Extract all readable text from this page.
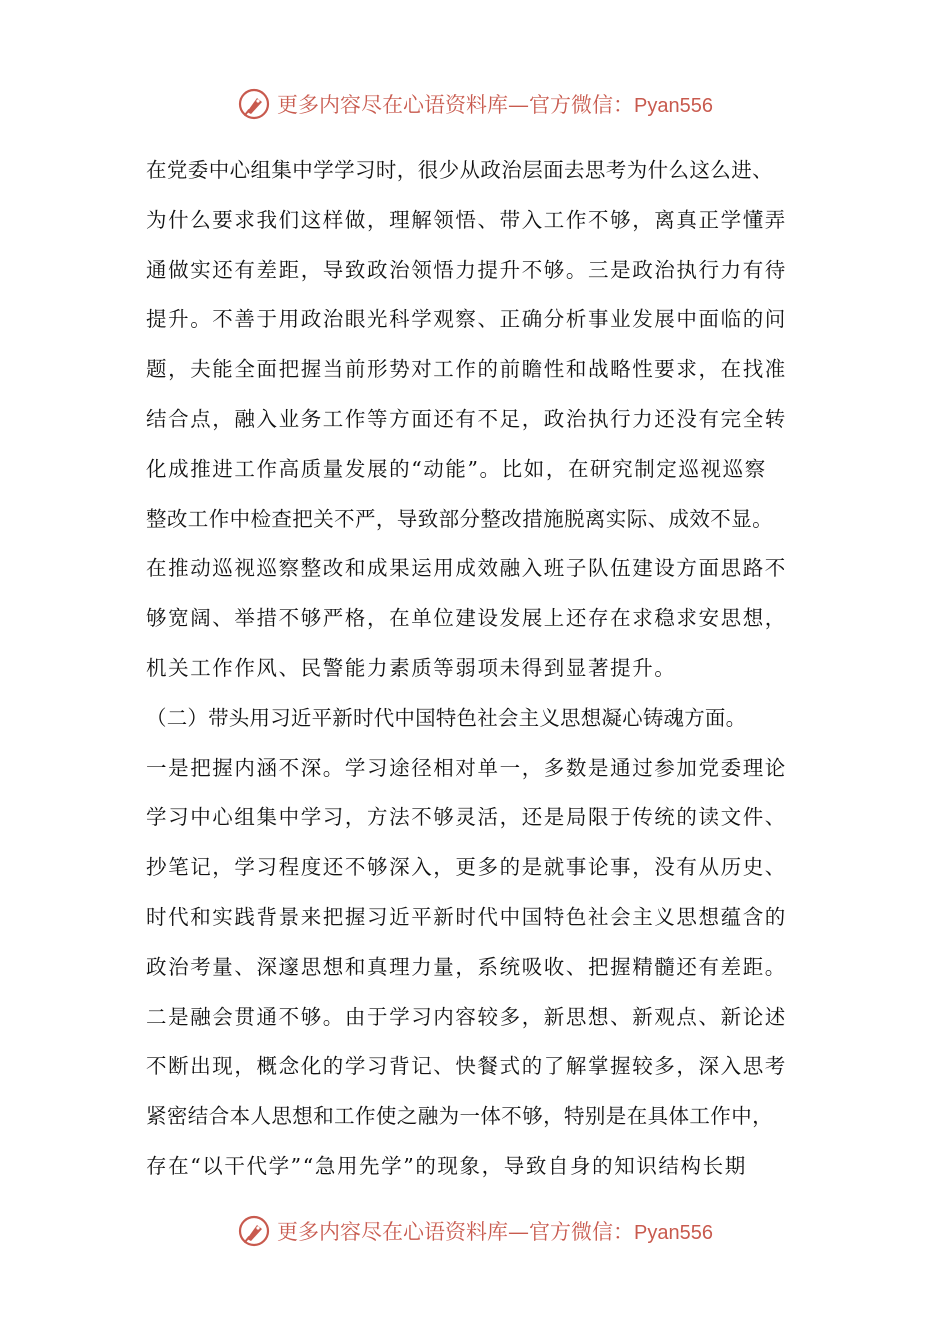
更多内容尽在心语资料库—官方微信：Pyan556
在党委中心组集中学学习时，很少从政治层面去思考为什么这么进、
为什么要求我们这样做，理解领悟、带入工作不够，离真正学懂弄
通做实还有差距，导致政治领悟力提升不够。三是政治执行力有待
提升。不善于用政治眼光科学观察、正确分析事业发展中面临的问
题，夫能全面把握当前形势对工作的前瞻性和战略性要求，在找准
结合点，融入业务工作等方面还有不足，政治执行力还没有完全转
化成推进工作高质量发展的“动能”。比如，在研究制定巡视巡察
整改工作中检查把关不严，导致部分整改措施脱离实际、成效不显。
在推动巡视巡察整改和成果运用成效融入班子队伍建设方面思路不
够宽阔、举措不够严格，在单位建设发展上还存在求稳求安思想，
机关工作作风、民警能力素质等弱项未得到显著提升。
（二）带头用习近平新时代中国特色社会主义思想凝心铸魂方面。
一是把握内涵不深。学习途径相对单一，多数是通过参加党委理论
学习中心组集中学习，方法不够灵活，还是局限于传统的读文件、
抄笔记，学习程度还不够深入，更多的是就事论事，没有从历史、
时代和实践背景来把握习近平新时代中国特色社会主义思想蕴含的
政治考量、深邃思想和真理力量，系统吸收、把握精髓还有差距。
二是融会贯通不够。由于学习内容较多，新思想、新观点、新论述
不断出现，概念化的学习背记、快餐式的了解掌握较多，深入思考
紧密结合本人思想和工作使之融为一体不够，特别是在具体工作中，
存在“以干代学”“急用先学”的现象，导致自身的知识结构长期
更多内容尽在心语资料库—官方微信：Pyan556
